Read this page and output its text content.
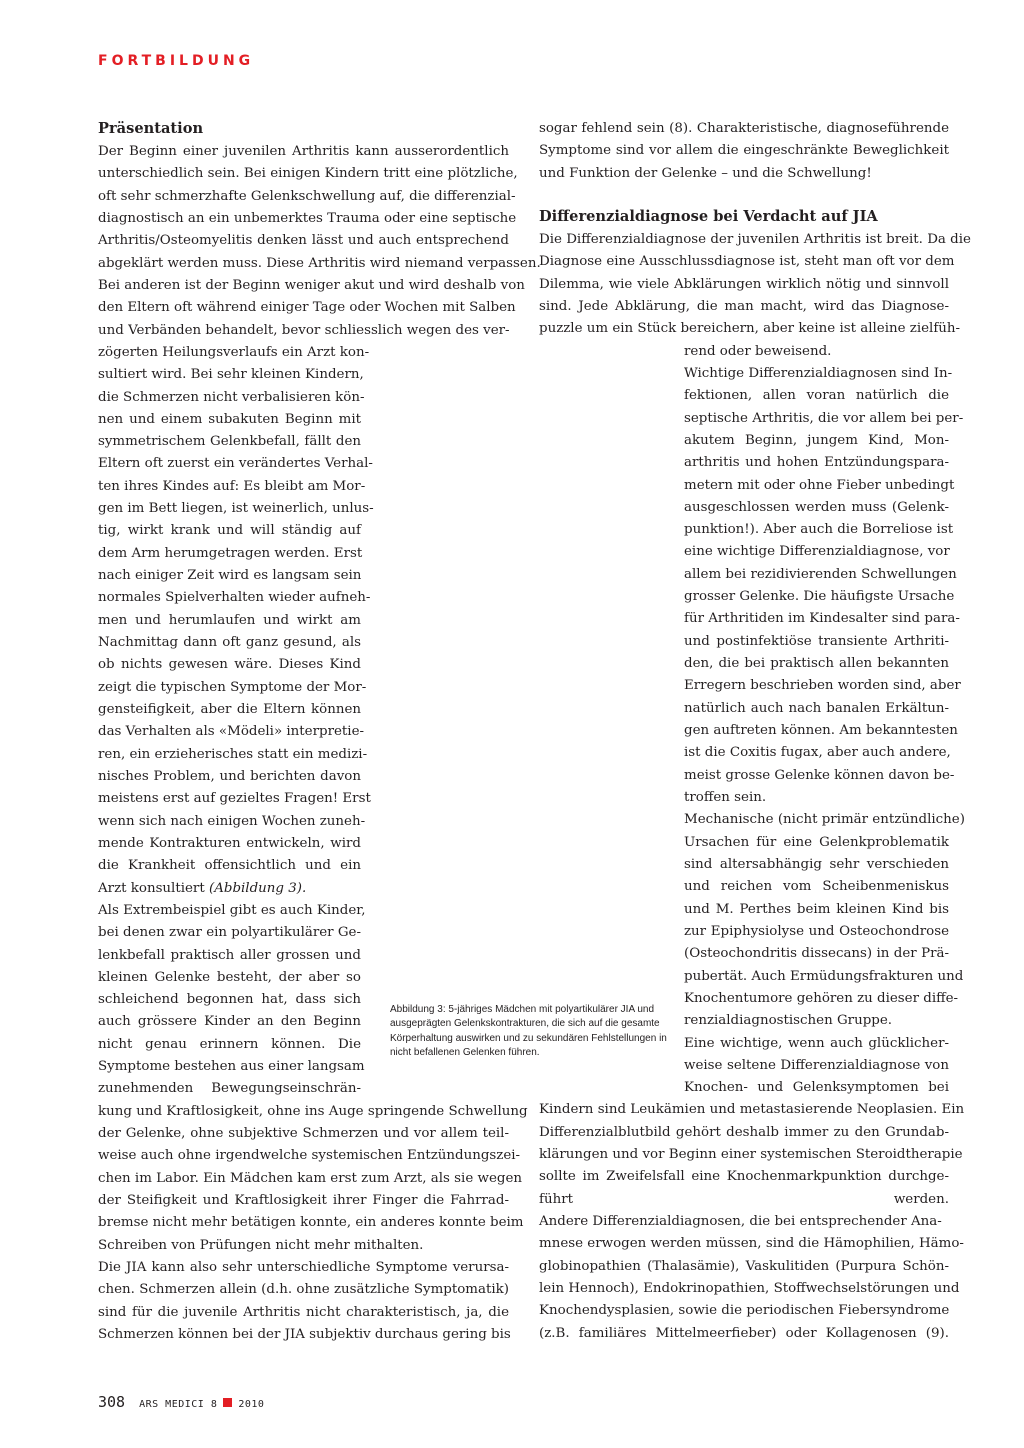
FORTBILDUNG
Präsentation
Der Beginn einer juvenilen Arthritis kann ausserordentlich
unterschiedlich sein. Bei einigen Kindern tritt eine plötzliche,
oft sehr schmerzhafte Gelenkschwellung auf, die differenzial-
diagnostisch an ein unbemerktes Trauma oder eine septische
Arthritis/Osteomyelitis denken lässt und auch entsprechend
abgeklärt werden muss. Diese Arthritis wird niemand verpassen.
Bei anderen ist der Beginn weniger akut und wird deshalb von
den Eltern oft während einiger Tage oder Wochen mit Salben
und Verbänden behandelt, bevor schliesslich wegen des ver-
zögerten Heilungsverlaufs ein Arzt kon-
sultiert wird. Bei sehr kleinen Kindern,
die Schmerzen nicht verbalisieren kön-
nen und einem subakuten Beginn mit
symmetrischem Gelenkbefall, fällt den
Eltern oft zuerst ein verändertes Verhal-
ten ihres Kindes auf: Es bleibt am Mor-
gen im Bett liegen, ist weinerlich, unlus-
tig, wirkt krank und will ständig auf
dem Arm herumgetragen werden. Erst
nach einiger Zeit wird es langsam sein
normales Spielverhalten wieder aufneh-
men und herumlaufen und wirkt am
Nachmittag dann oft ganz gesund, als
ob nichts gewesen wäre. Dieses Kind
zeigt die typischen Symptome der Mor-
gensteifigkeit, aber die Eltern können
das Verhalten als «Mödeli» interpretie-
ren, ein erzieherisches statt ein medizi-
nisches Problem, und berichten davon
meistens erst auf gezieltes Fragen! Erst
wenn sich nach einigen Wochen zuneh-
mende Kontrakturen entwickeln, wird
die Krankheit offensichtlich und ein
Arzt konsultiert (Abbildung 3).
Als Extrembeispiel gibt es auch Kinder,
bei denen zwar ein polyartikulärer Ge-
lenkbefall praktisch aller grossen und
kleinen Gelenke besteht, der aber so
schleichend begonnen hat, dass sich
auch grössere Kinder an den Beginn
nicht genau erinnern können. Die
Symptome bestehen aus einer langsam
zunehmenden Bewegungseinschrän-
kung und Kraftlosigkeit, ohne ins Auge springende Schwellung
der Gelenke, ohne subjektive Schmerzen und vor allem teil-
weise auch ohne irgendwelche systemischen Entzündungszei-
chen im Labor. Ein Mädchen kam erst zum Arzt, als sie wegen
der Steifigkeit und Kraftlosigkeit ihrer Finger die Fahrrad-
bremse nicht mehr betätigen konnte, ein anderes konnte beim
Schreiben von Prüfungen nicht mehr mithalten.
Die JIA kann also sehr unterschiedliche Symptome verursa-
chen. Schmerzen allein (d.h. ohne zusätzliche Symptomatik)
sind für die juvenile Arthritis nicht charakteristisch, ja, die
Schmerzen können bei der JIA subjektiv durchaus gering bis
Abbildung 3: 5-jähriges Mädchen mit polyartikulärer JIA und
ausgeprägten Gelenkskontrakturen, die sich auf die gesamte
Körperhaltung auswirken und zu sekundären Fehlstellungen in
nicht befallenen Gelenken führen.
sogar fehlend sein (8). Charakteristische, diagnoseführende
Symptome sind vor allem die eingeschränkte Beweglichkeit
und Funktion der Gelenke – und die Schwellung!
Differenzialdiagnose bei Verdacht auf JIA
Die Differenzialdiagnose der juvenilen Arthritis ist breit. Da die
Diagnose eine Ausschlussdiagnose ist, steht man oft vor dem
Dilemma, wie viele Abklärungen wirklich nötig und sinnvoll
sind. Jede Abklärung, die man macht, wird das Diagnose-
puzzle um ein Stück bereichern, aber keine ist alleine zielfüh-
rend oder beweisend.
Wichtige Differenzialdiagnosen sind In-
fektionen, allen voran natürlich die
septische Arthritis, die vor allem bei per-
akutem Beginn, jungem Kind, Mon-
arthritis und hohen Entzündungspara-
metern mit oder ohne Fieber unbedingt
ausgeschlossen werden muss (Gelenk-
punktion!). Aber auch die Borreliose ist
eine wichtige Differenzialdiagnose, vor
allem bei rezidivierenden Schwellungen
grosser Gelenke. Die häufigste Ursache
für Arthritiden im Kindesalter sind para-
und postinfektiöse transiente Arthriti-
den, die bei praktisch allen bekannten
Erregern beschrieben worden sind, aber
natürlich auch nach banalen Erkältun-
gen auftreten können. Am bekanntesten
ist die Coxitis fugax, aber auch andere,
meist grosse Gelenke können davon be-
troffen sein.
Mechanische (nicht primär entzündliche)
Ursachen für eine Gelenkproblematik
sind altersabhängig sehr verschieden
und reichen vom Scheibenmeniskus
und M. Perthes beim kleinen Kind bis
zur Epiphysiolyse und Osteochondrose
(Osteochondritis dissecans) in der Prä-
pubertät. Auch Ermüdungsfrakturen und
Knochentumore gehören zu dieser diffe-
renzialdiagnostischen Gruppe.
Eine wichtige, wenn auch glücklicher-
weise seltene Differenzialdiagnose von
Knochen- und Gelenksymptomen bei
Kindern sind Leukämien und metastasierende Neoplasien. Ein
Differenzialblutbild gehört deshalb immer zu den Grundab-
klärungen und vor Beginn einer systemischen Steroidtherapie
sollte im Zweifelsfall eine Knochenmarkpunktion durchge-
führt werden.
Andere Differenzialdiagnosen, die bei entsprechender Ana-
mnese erwogen werden müssen, sind die Hämophilien, Hämo-
globinopathien (Thalasämie), Vaskulitiden (Purpura Schön-
lein Hennoch), Endokrinopathien, Stoffwechselstörungen und
Knochendysplasien, sowie die periodischen Fiebersyndrome
(z.B. familiäres Mittelmeerfieber) oder Kollagenosen (9).
308 ARS MEDICI 8 2010
